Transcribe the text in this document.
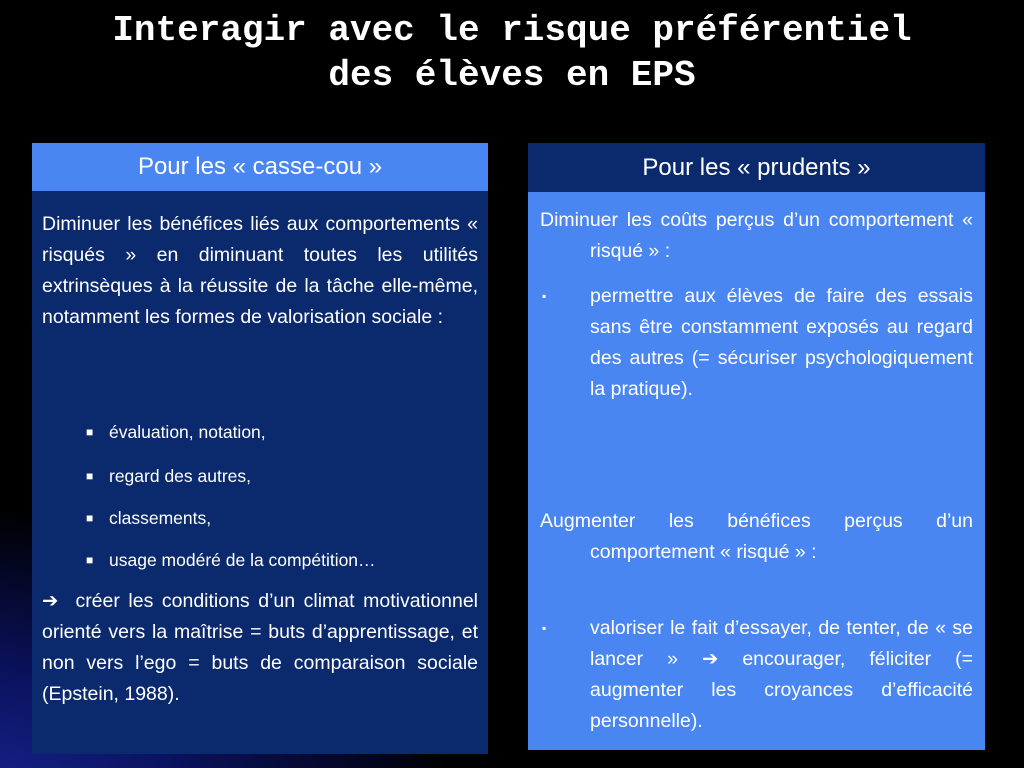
Interagir avec le risque préférentiel
des élèves en EPS
Pour les « casse-cou »

Diminuer les bénéfices liés aux comportements « risqués » en diminuant toutes les utilités extrinsèques à la réussite de la tâche elle-même, notamment les formes de valorisation sociale :

■ évaluation, notation,
■ regard des autres,
■ classements,
■ usage modéré de la compétition…

➔ créer les conditions d’un climat motivationnel orienté vers la maîtrise = buts d’apprentissage, et non vers l’ego = buts de comparaison sociale (Epstein, 1988).

Pour les « prudents »

Diminuer les coûts perçus d’un comportement « risqué » :

▪ permettre aux élèves de faire des essais sans être constamment exposés au regard des autres (= sécuriser psychologiquement la pratique).

Augmenter les bénéfices perçus d’un comportement « risqué » :

▪ valoriser le fait d’essayer, de tenter, de « se lancer » ➔ encourager, féliciter (= augmenter les croyances d’efficacité personnelle).
